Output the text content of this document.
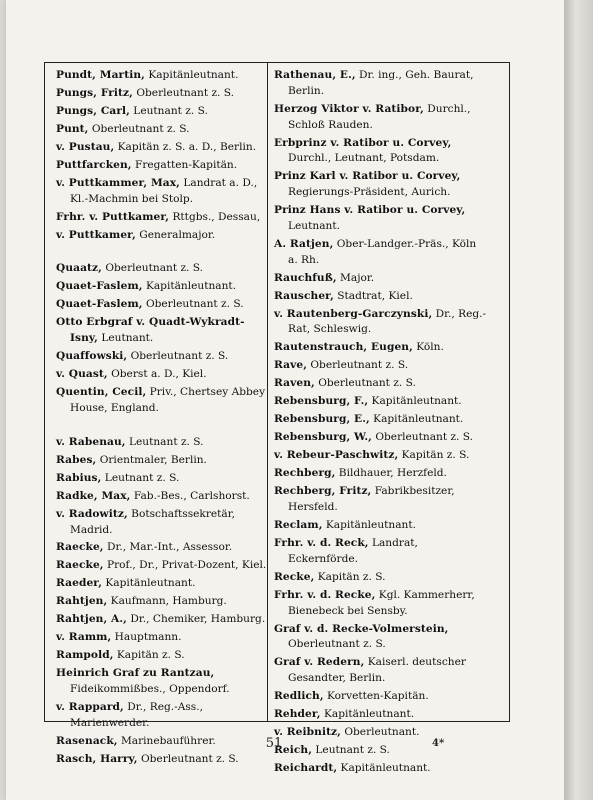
Pundt, Martin, Kapitänleutnant.
Pungs, Fritz, Oberleutnant z. S.
Pungs, Carl, Leutnant z. S.
Punt, Oberleutnant z. S.
v. Pustau, Kapitän z. S. a. D., Berlin.
Puttfarcken, Fregatten-Kapitän.
v. Puttkammer, Max, Landrat a. D., Kl.-Machmin bei Stolp.
Frhr. v. Puttkamer, Rttgbs., Dessau,
v. Puttkamer, Generalmajor.
Quaatz, Oberleutnant z. S.
Quaet-Faslem, Kapitänleutnant.
Quaet-Faslem, Oberleutnant z. S.
Otto Erbgraf v. Quadt-Wykradt-Isny, Leutnant.
Quaffowski, Oberleutnant z. S.
v. Quast, Oberst a. D., Kiel.
Quentin, Cecil, Priv., Chertsey Abbey House, England.
v. Rabenau, Leutnant z. S.
Rabes, Orientmaler, Berlin.
Rabius, Leutnant z. S.
Radke, Max, Fab.-Bes., Carlshorst.
v. Radowitz, Botschaftssekretär, Madrid.
Raecke, Dr., Mar.-Int., Assessor.
Raecke, Prof., Dr., Privat-Dozent, Kiel.
Raeder, Kapitänleutnant.
Rahtjen, Kaufmann, Hamburg.
Rahtjen, A., Dr., Chemiker, Hamburg.
v. Ramm, Hauptmann.
Rampold, Kapitän z. S.
Heinrich Graf zu Rantzau, Fideikommißbes., Oppendorf.
v. Rappard, Dr., Reg.-Ass., Marienwerder.
Rasenack, Marinebauführer.
Rasch, Harry, Oberleutnant z. S.
Rathenau, E., Dr. ing., Geh. Baurat, Berlin.
Herzog Viktor v. Ratibor, Durchl., Schloß Rauden.
Erbprinz v. Ratibor u. Corvey, Durchl., Leutnant, Potsdam.
Prinz Karl v. Ratibor u. Corvey, Regierungs-Präsident, Aurich.
Prinz Hans v. Ratibor u. Corvey, Leutnant.
A. Ratjen, Ober-Landger.-Präs., Köln a. Rh.
Rauchfuß, Major.
Rauscher, Stadtrat, Kiel.
v. Rautenberg-Garczynski, Dr., Reg.-Rat, Schleswig.
Rautenstrauch, Eugen, Köln.
Rave, Oberleutnant z. S.
Raven, Oberleutnant z. S.
Rebensburg, F., Kapitänleutnant.
Rebensburg, E., Kapitänleutnant.
Rebensburg, W., Oberleutnant z. S.
v. Rebeur-Paschwitz, Kapitän z. S.
Rechberg, Bildhauer, Herzfeld.
Rechberg, Fritz, Fabrikbesitzer, Hersfeld.
Reclam, Kapitänleutnant.
Frhr. v. d. Reck, Landrat, Eckernförde.
Recke, Kapitän z. S.
Frhr. v. d. Recke, Kgl. Kammerherr, Bienebeck bei Sensby.
Graf v. d. Recke-Volmerstein, Oberleutnant z. S.
Graf v. Redern, Kaiserl. deutscher Gesandter, Berlin.
Redlich, Korvetten-Kapitän.
Rehder, Kapitänleutnant.
v. Reibnitz, Oberleutnant.
Reich, Leutnant z. S.
Reichardt, Kapitänleutnant.
51	4*
